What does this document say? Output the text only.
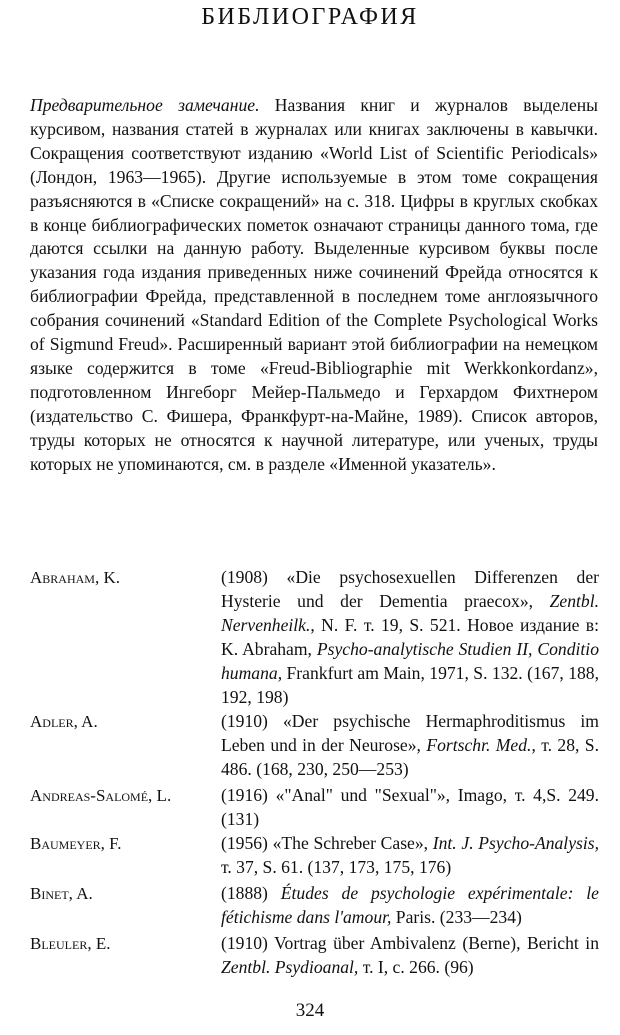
БИБЛИОГРАФИЯ

Предварительное замечание. Названия книг и журналов выделены курсивом, названия статей в журналах или книгах заключены в кавычки. Сокращения соответствуют изданию «World List of Scientific Periodicals» (Лондон, 1963—1965). Другие используемые в этом томе сокращения разъясняются в «Списке сокращений» на с. 318. Цифры в круглых скобках в конце библиографических пометок означают страницы данного тома, где даются ссылки на данную работу. Выделенные курсивом буквы после указания года издания приведенных ниже сочинений Фрейда относятся к библиографии Фрейда, представленной в последнем томе англоязычного собрания сочинений «Standard Edition of the Complete Psychological Works of Sigmund Freud». Расширенный вариант этой библиографии на немецком языке содержится в томе «Freud-Bibliographie mit Werkkonkordanz», подготовленном Ингеборг Мейер-Пальмедо и Герхардом Фихтнером (издательство С. Фишера, Франкфурт-на-Майне, 1989). Список авторов, труды которых не относятся к научной литературе, или ученых, труды которых не упоминаются, см. в разделе «Именной указатель».

Abraham, K.	(1908) «Die psychosexuellen Differenzen der Hysterie und der Dementia praecox», Zentbl. Nervenheilk., N. F. т. 19, S. 521. Новое издание в: K. Abraham, Psycho-analytische Studien II, Conditio humana, Frankfurt am Main, 1971, S. 132. (167, 188, 192, 198)
Adler, A.	(1910) «Der psychische Hermaphroditismus im Leben und in der Neurose», Fortschr. Med., т. 28, S. 486. (168, 230, 250—253)
Andreas-Salomé, L.	(1916) «"Anal" und "Sexual"», Imago, т. 4,S. 249. (131)
Baumeyer, F.	(1956) «The Schreber Case», Int. J. Psycho-Analysis, т. 37, S. 61. (137, 173, 175, 176)
Binet, A.	(1888) Études de psychologie expérimentale: le fétichisme dans l'amour, Paris. (233—234)
Bleuler, E.	(1910) Vortrag über Ambivalenz (Berne), Bericht in Zentbl. Psydioanal, т. I, с. 266. (96)
324
